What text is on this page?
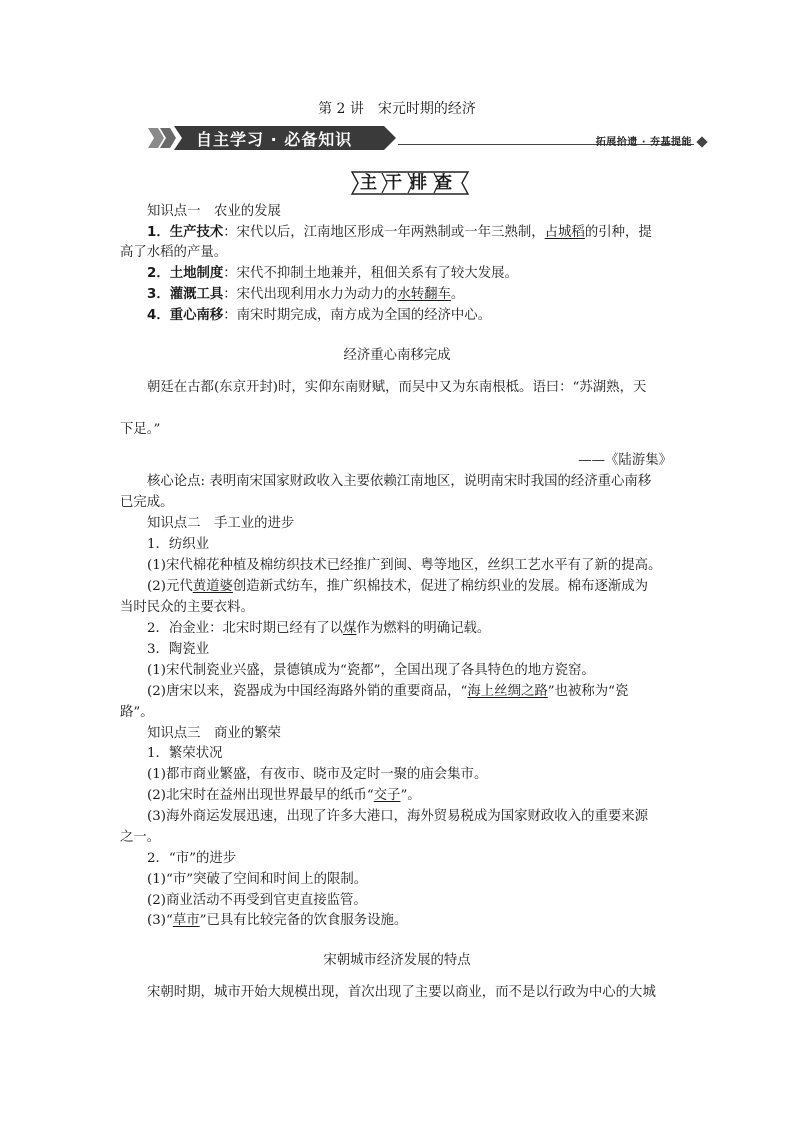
第 2 讲　宋元时期的经济
自主学习 · 必备知识	拓展拾遗 · 夯基提能
主干排查
知识点一　农业的发展
1．生产技术：宋代以后，江南地区形成一年两熟制或一年三熟制，占城稻的引种，提
高了水稻的产量。
2．土地制度：宋代不抑制土地兼并，租佃关系有了较大发展。
3．灌溉工具：宋代出现利用水力为动力的水转翻车。
4．重心南移：南宋时期完成，南方成为全国的经济中心。
经济重心南移完成
朝廷在古都(东京开封)时，实仰东南财赋，而吴中又为东南根柢。语曰：“苏湖熟，天
下足。”
——《陆游集》
核心论点: 表明南宋国家财政收入主要依赖江南地区，说明南宋时我国的经济重心南移
已完成。
知识点二　手工业的进步
1．纺织业
(1)宋代棉花种植及棉纺织技术已经推广到闽、粤等地区，丝织工艺水平有了新的提高。
(2)元代黄道婆创造新式纺车，推广织棉技术，促进了棉纺织业的发展。棉布逐渐成为
当时民众的主要衣料。
2．冶金业：北宋时期已经有了以煤作为燃料的明确记载。
3．陶瓷业
(1)宋代制瓷业兴盛，景德镇成为“瓷都”，全国出现了各具特色的地方瓷窑。
(2)唐宋以来，瓷器成为中国经海路外销的重要商品，“海上丝绸之路”也被称为“瓷
路”。
知识点三　商业的繁荣
1．繁荣状况
(1)都市商业繁盛，有夜市、晓市及定时一聚的庙会集市。
(2)北宋时在益州出现世界最早的纸币“交子”。
(3)海外商运发展迅速，出现了许多大港口，海外贸易税成为国家财政收入的重要来源
之一。
2．“市”的进步
(1)“市”突破了空间和时间上的限制。
(2)商业活动不再受到官吏直接监管。
(3)“草市”已具有比较完备的饮食服务设施。
宋朝城市经济发展的特点
宋朝时期，城市开始大规模出现，首次出现了主要以商业，而不是以行政为中心的大城
